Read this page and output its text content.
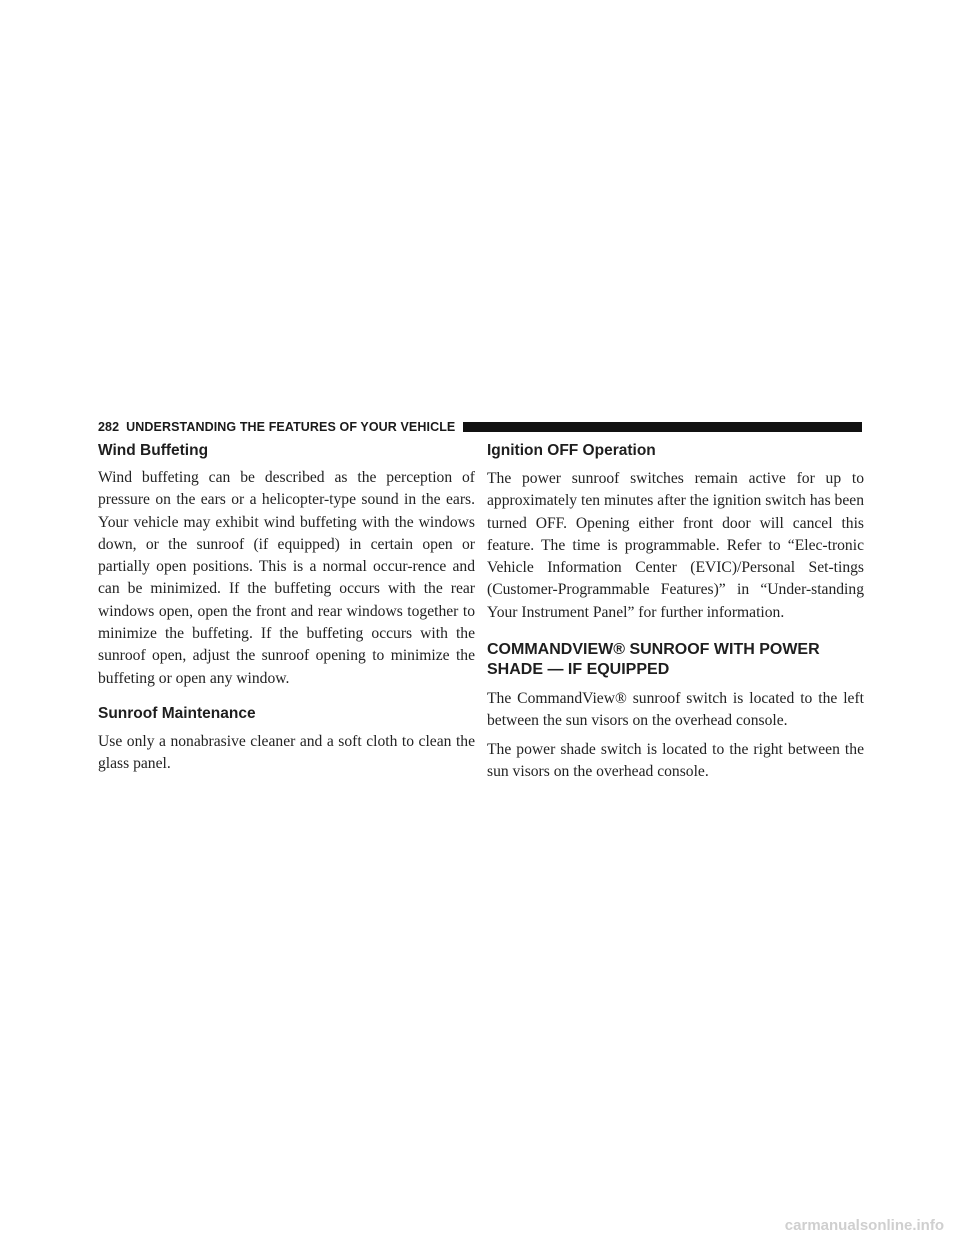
282 UNDERSTANDING THE FEATURES OF YOUR VEHICLE
Wind Buffeting

Wind buffeting can be described as the perception of pressure on the ears or a helicopter-type sound in the ears. Your vehicle may exhibit wind buffeting with the windows down, or the sunroof (if equipped) in certain open or partially open positions. This is a normal occur-rence and can be minimized. If the buffeting occurs with the rear windows open, open the front and rear windows together to minimize the buffeting. If the buffeting occurs with the sunroof open, adjust the sunroof opening to minimize the buffeting or open any window.

Sunroof Maintenance

Use only a nonabrasive cleaner and a soft cloth to clean the glass panel.

Ignition OFF Operation

The power sunroof switches remain active for up to approximately ten minutes after the ignition switch has been turned OFF. Opening either front door will cancel this feature. The time is programmable. Refer to “Elec-tronic Vehicle Information Center (EVIC)/Personal Set-tings (Customer-Programmable Features)” in “Under-standing Your Instrument Panel” for further information.

COMMANDVIEW® SUNROOF WITH POWER
SHADE — IF EQUIPPED

The CommandView® sunroof switch is located to the left between the sun visors on the overhead console.

The power shade switch is located to the right between the sun visors on the overhead console.

carmanualsonline.info
